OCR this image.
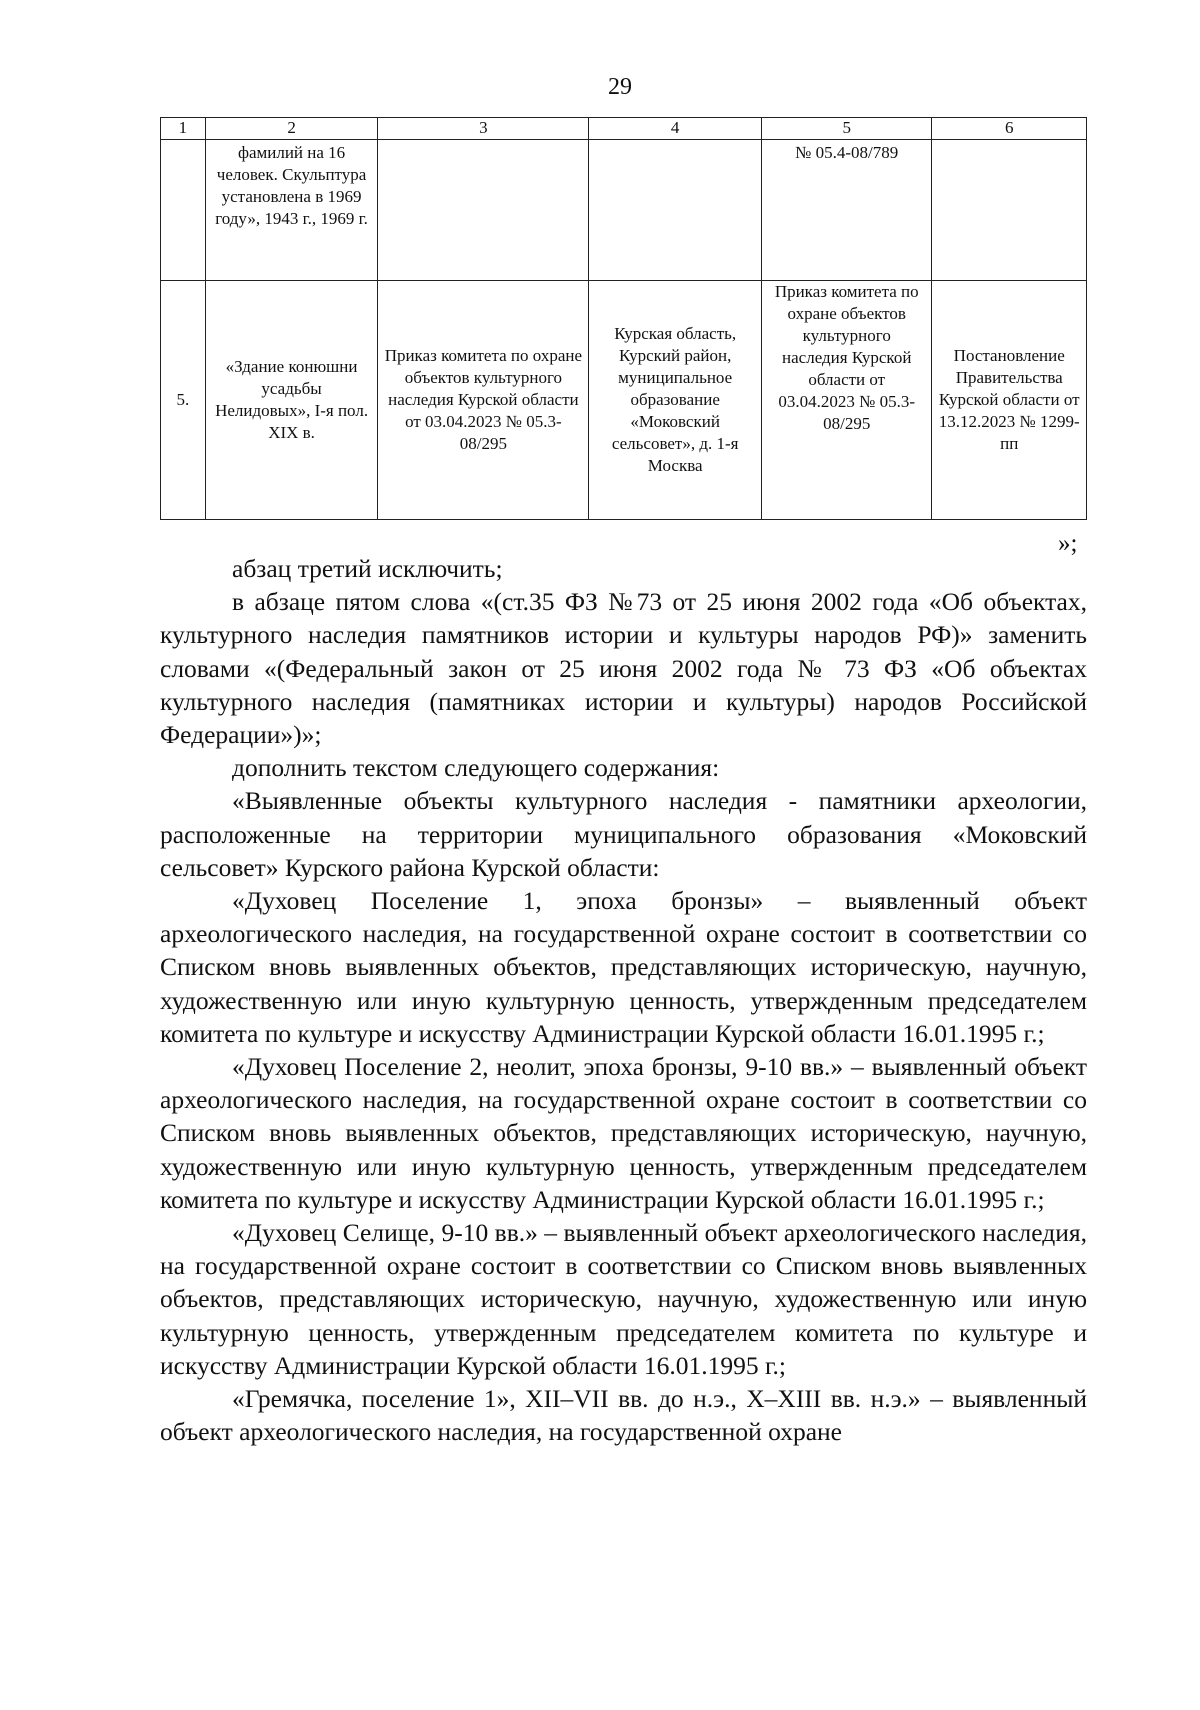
29
1	2	3	4	5	6
	фамилий на 16 человек. Скульптура установлена в 1969 году», 1943 г., 1969 г.			№ 05.4-08/789	
5.	«Здание конюшни усадьбы Нелидовых», I-я пол. XIX в.	Приказ комитета по охране объектов культурного наследия Курской области от 03.04.2023 № 05.3-08/295	Курская область, Курский район, муниципальное образование «Моковский сельсовет», д. 1-я Москва	Приказ комитета по охране объектов культурного наследия Курской области от 03.04.2023 № 05.3-08/295	Постановление Правительства Курской области от 13.12.2023 № 1299-пп
»;

абзац третий исключить;

в абзаце пятом слова «(ст.35 ФЗ №73 от 25 июня 2002 года «Об объектах, культурного наследия памятников истории и культуры народов РФ)» заменить словами «(Федеральный закон от 25 июня 2002 года № 73 ФЗ «Об объектах культурного наследия (памятниках истории и культуры) народов Российской Федерации»)»;

дополнить текстом следующего содержания:

«Выявленные объекты культурного наследия - памятники археологии, расположенные на территории муниципального образования «Моковский сельсовет» Курского района Курской области:

«Духовец Поселение 1, эпоха бронзы» – выявленный объект археологического наследия, на государственной охране состоит в соответствии со Списком вновь выявленных объектов, представляющих историческую, научную, художественную или иную культурную ценность, утвержденным председателем комитета по культуре и искусству Администрации Курской области 16.01.1995 г.;

«Духовец Поселение 2, неолит, эпоха бронзы, 9-10 вв.» – выявленный объект археологического наследия, на государственной охране состоит в соответствии со Списком вновь выявленных объектов, представляющих историческую, научную, художественную или иную культурную ценность, утвержденным председателем комитета по культуре и искусству Администрации Курской области 16.01.1995 г.;

«Духовец Селище, 9-10 вв.» – выявленный объект археологического наследия, на государственной охране состоит в соответствии со Списком вновь выявленных объектов, представляющих историческую, научную, художественную или иную культурную ценность, утвержденным председателем комитета по культуре и искусству Администрации Курской области 16.01.1995 г.;

«Гремячка, поселение 1», XII–VII вв. до н.э., X–XIII вв. н.э.» – выявленный объект археологического наследия, на государственной охране
